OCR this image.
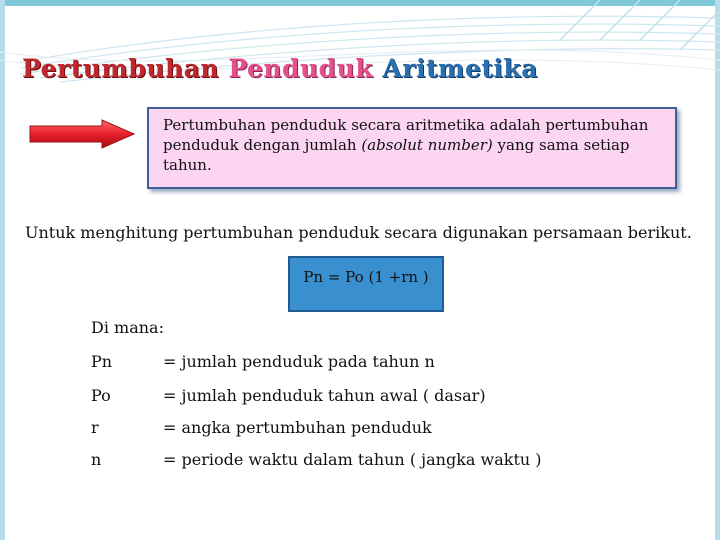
Pertumbuhan Penduduk Aritmetika
Pertumbuhan penduduk secara aritmetika adalah pertumbuhan penduduk dengan jumlah (absolut number) yang sama setiap tahun.
Untuk menghitung pertumbuhan penduduk secara digunakan persamaan berikut.
Pn = Po (1 +rn )
Di mana:
Pn	= jumlah penduduk pada tahun n
Po	= jumlah penduduk tahun awal ( dasar)
r	= angka pertumbuhan penduduk
n	= periode waktu dalam tahun ( jangka waktu )
